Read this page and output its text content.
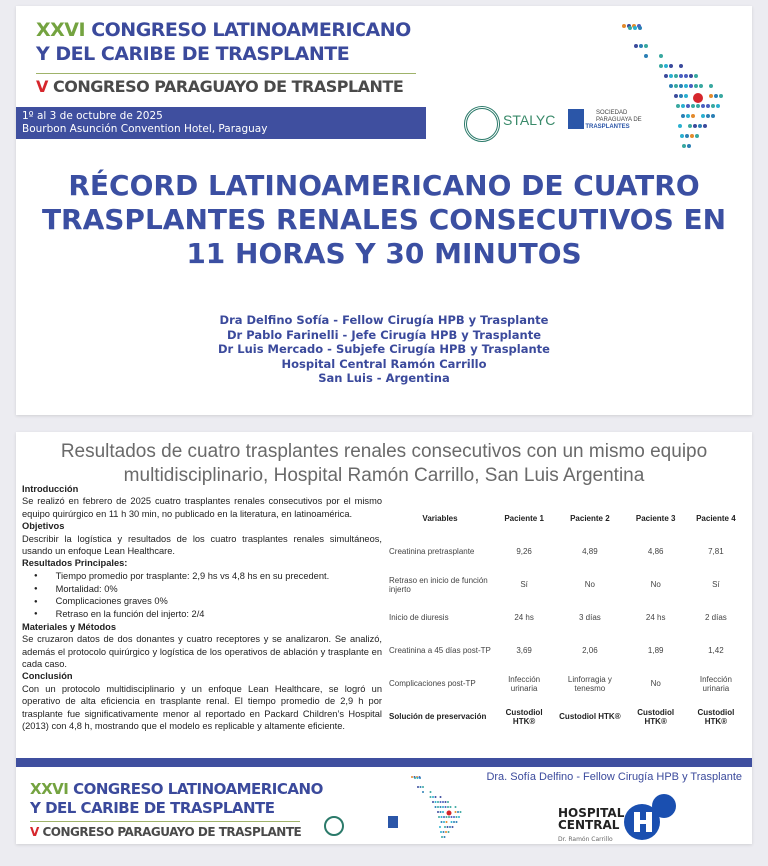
XXVI CONGRESO LATINOAMERICANO
Y DEL CARIBE DE TRASPLANTE
V CONGRESO PARAGUAYO DE TRASPLANTE
1º al 3 de octubre de 2025
Bourbon Asunción Convention Hotel, Paraguay
STALYC	SOCIEDAD
PARAGUAYA DE
SPT TRASPLANTES
RÉCORD LATINOAMERICANO DE CUATRO
TRASPLANTES RENALES CONSECUTIVOS EN
11 HORAS Y 30 MINUTOS
Dra Delfino Sofía - Fellow Cirugía HPB y Trasplante
Dr Pablo Farinelli - Jefe Cirugía HPB y Trasplante
Dr Luis Mercado - Subjefe Cirugía HPB y Trasplante
Hospital Central Ramón Carrillo
San Luis - Argentina
Resultados de cuatro trasplantes renales consecutivos con un mismo equipo
multidisciplinario, Hospital Ramón Carrillo, San Luis Argentina
Introducción

Se realizó en febrero de 2025 cuatro trasplantes renales consecutivos por el mismo equipo quirúrgico en 11 h 30 min, no publicado en la literatura, en latinoamérica.

Objetivos

Describir la logística y resultados de los cuatro trasplantes renales simultáneos, usando un enfoque Lean Healthcare.

Resultados Principales:
● Tiempo promedio por trasplante: 2,9 hs vs 4,8 hs en su precedent.
● Mortalidad: 0%
● Complicaciones graves 0%
● Retraso en la función del injerto: 2/4
Materiales y Métodos

Se cruzaron datos de dos donantes y cuatro receptores y se analizaron. Se analizó, además el protocolo quirúrgico y logística de los operativos de ablación y trasplante en cada caso.

Conclusión

Con un protocolo multidisciplinario y un enfoque Lean Healthcare, se logró un operativo de alta eficiencia en trasplante renal. El tiempo promedio de 2,9 h por trasplante fue significativamente menor al reportado en Packard Children’s Hospital (2013) con 4,8 h, mostrando que el modelo es replicable y altamente eficiente.

Variables	Paciente 1	Paciente 2	Paciente 3	Paciente 4
Creatinina pretrasplante	9,26	4,89	4,86	7,81
Retraso en inicio de función injerto	Sí	No	No	Sí
Inicio de diuresis	24 hs	3 días	24 hs	2 días
Creatinina a 45 días post-TP	3,69	2,06	1,89	1,42
Complicaciones post-TP	Infección urinaria	Linforragia y tenesmo	No	Infección urinaria
Solución de preservación	Custodiol HTK®	Custodiol HTK®	Custodiol HTK®	Custodiol HTK®
XXVI CONGRESO LATINOAMERICANO
Y DEL CARIBE DE TRASPLANTE
V CONGRESO PARAGUAYO DE TRASPLANTE
Dra. Sofía Delfino - Fellow Cirugía HPB y Trasplante
HOSPITAL
CENTRAL
Dr. Ramón Carrillo
